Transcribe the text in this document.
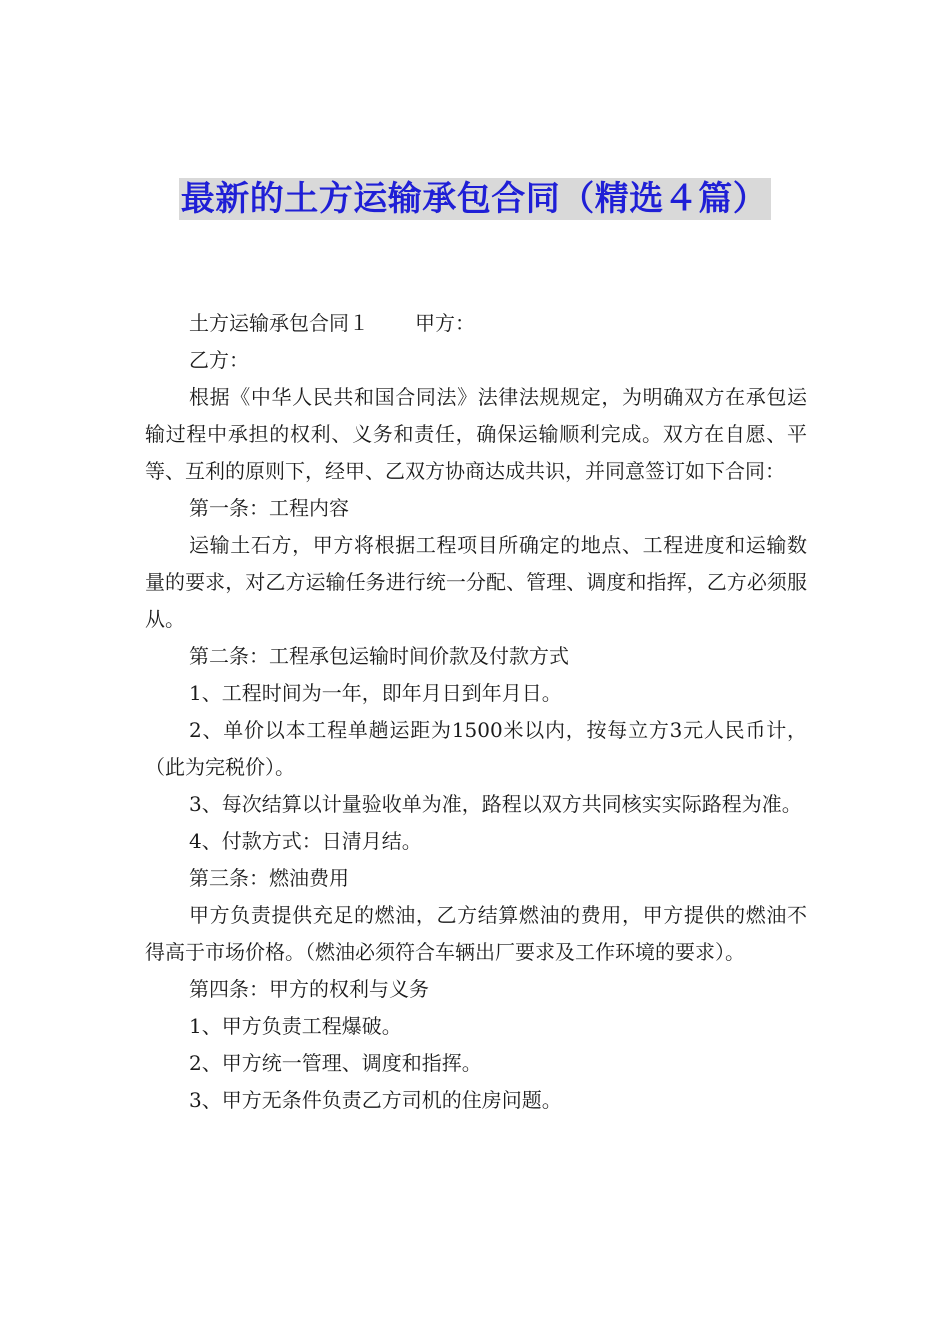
最新的土方运输承包合同（精选４篇）

土方运输承包合同１ 甲方：

乙方：

根据《中华人民共和国合同法》法律法规规定，为明确双方在承包运输过程中承担的权利、义务和责任，确保运输顺利完成。双方在自愿、平等、互利的原则下，经甲、乙双方协商达成共识，并同意签订如下合同：

第一条：工程内容

运输土石方，甲方将根据工程项目所确定的地点、工程进度和运输数量的要求，对乙方运输任务进行统一分配、管理、调度和指挥，乙方必须服从。

第二条：工程承包运输时间价款及付款方式

1、工程时间为一年，即年月日到年月日。

2、单价以本工程单趟运距为1500米以内，按每立方3元人民币计，（此为完税价）。

3、每次结算以计量验收单为准，路程以双方共同核实实际路程为准。

4、付款方式：日清月结。

第三条：燃油费用

甲方负责提供充足的燃油，乙方结算燃油的费用，甲方提供的燃油不得高于市场价格。（燃油必须符合车辆出厂要求及工作环境的要求）。

第四条：甲方的权利与义务

1、甲方负责工程爆破。

2、甲方统一管理、调度和指挥。

3、甲方无条件负责乙方司机的住房问题。
